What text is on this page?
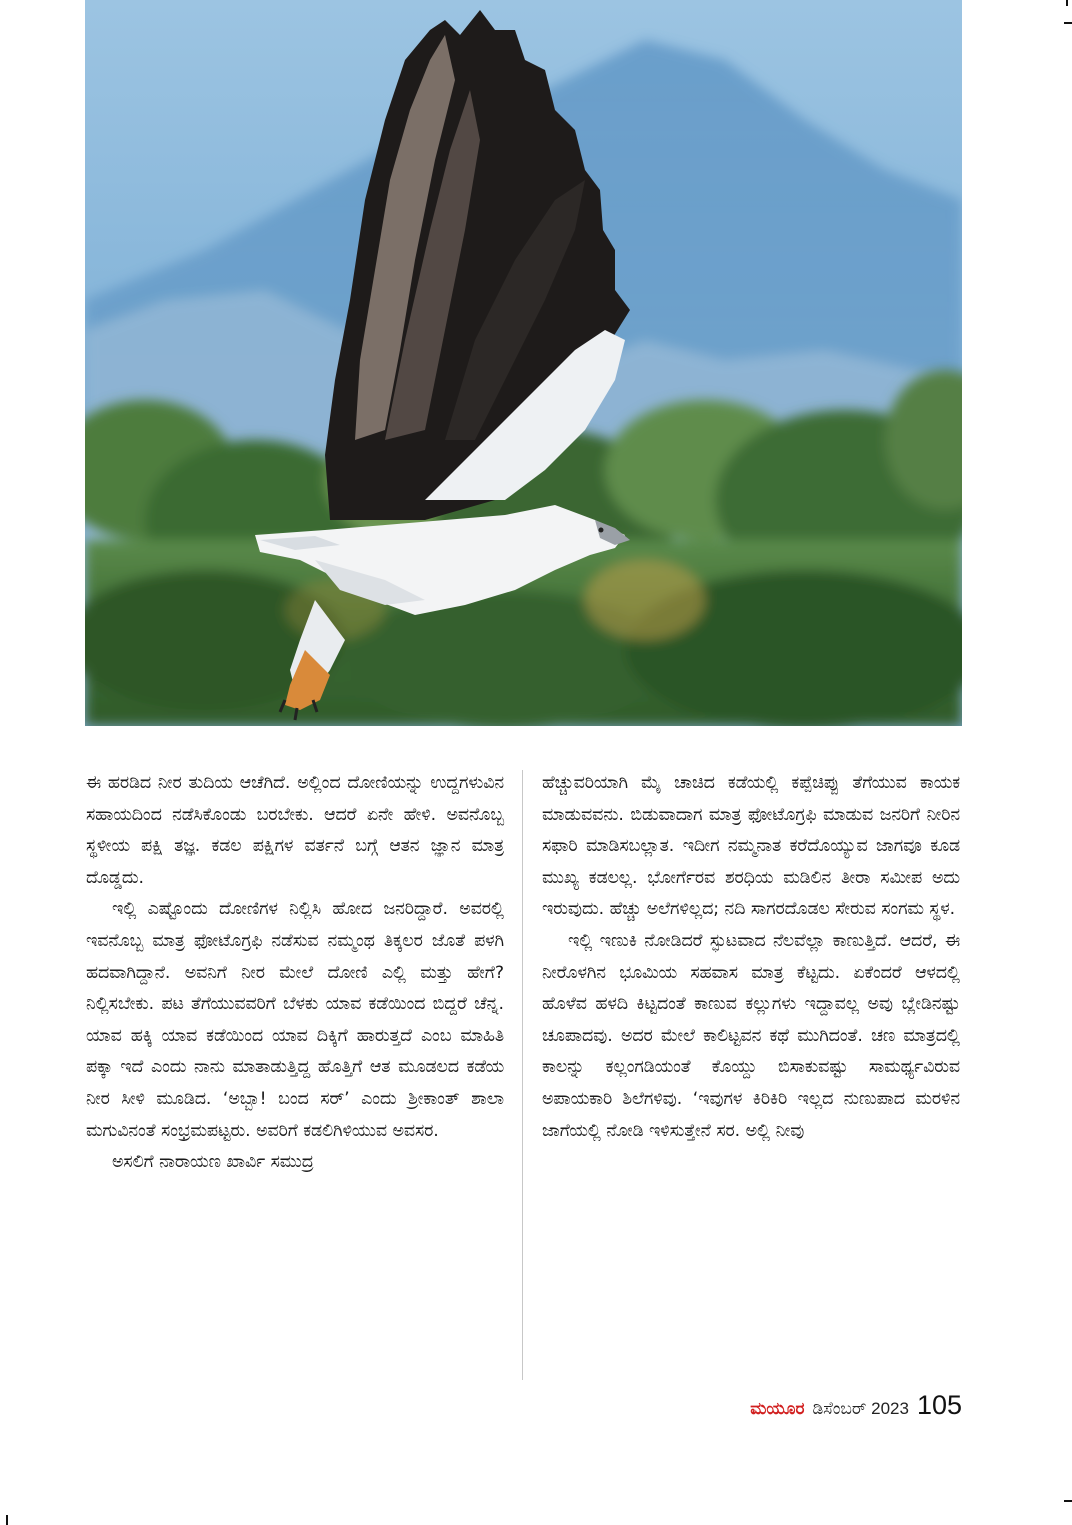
ಈ ಹರಡಿದ ನೀರ ತುದಿಯ ಆಚೆಗಿದೆ. ಅಲ್ಲಿಂದ ದೋಣಿಯನ್ನು ಉದ್ದಗಳುವಿನ ಸಹಾಯದಿಂದ ನಡೆಸಿಕೊಂಡು ಬರಬೇಕು. ಆದರೆ ಏನೇ ಹೇಳಿ. ಅವನೊಬ್ಬ ಸ್ಥಳೀಯ ಪಕ್ಷಿ ತಜ್ಞ. ಕಡಲ ಪಕ್ಷಿಗಳ ವರ್ತನೆ ಬಗ್ಗೆ ಆತನ ಜ್ಞಾನ ಮಾತ್ರ ದೊಡ್ಡದು.

ಇಲ್ಲಿ ಎಷ್ಟೊಂದು ದೋಣಿಗಳ ನಿಲ್ಲಿಸಿ ಹೋದ ಜನರಿದ್ದಾರೆ. ಅವರಲ್ಲಿ ಇವನೊಬ್ಬ ಮಾತ್ರ ಫೋಟೊಗ್ರಫಿ ನಡೆಸುವ ನಮ್ಮಂಥ ತಿಕ್ಕಲರ ಜೊತೆ ಪಳಗಿ ಹದವಾಗಿದ್ದಾನೆ. ಅವನಿಗೆ ನೀರ ಮೇಲೆ ದೋಣಿ ಎಲ್ಲಿ ಮತ್ತು ಹೇಗೆ? ನಿಲ್ಲಿಸಬೇಕು. ಪಟ ತೆಗೆಯುವವರಿಗೆ ಬೆಳಕು ಯಾವ ಕಡೆಯಿಂದ ಬಿದ್ದರೆ ಚೆನ್ನ. ಯಾವ ಹಕ್ಕಿ ಯಾವ ಕಡೆಯಿಂದ ಯಾವ ದಿಕ್ಕಿಗೆ ಹಾರುತ್ತದೆ ಎಂಬ ಮಾಹಿತಿ ಪಕ್ಕಾ ಇದೆ ಎಂದು ನಾನು ಮಾತಾಡುತ್ತಿದ್ದ ಹೊತ್ತಿಗೆ ಆತ ಮೂಡಲದ ಕಡೆಯ ನೀರ ಸೀಳಿ ಮೂಡಿದ. ‘ಅಬ್ಬಾ! ಬಂದ ಸರ್’ ಎಂದು ಶ್ರೀಕಾಂತ್ ಶಾಲಾ ಮಗುವಿನಂತೆ ಸಂಭ್ರಮಪಟ್ಟರು. ಅವರಿಗೆ ಕಡಲಿಗಿಳಿಯುವ ಅವಸರ.

ಅಸಲಿಗೆ ನಾರಾಯಣ ಖಾರ್ವಿ ಸಮುದ್ರ

ಹೆಚ್ಚುವರಿಯಾಗಿ ಮೈ ಚಾಚಿದ ಕಡೆಯಲ್ಲಿ ಕಪ್ಪೆಚಿಪ್ಪು ತೆಗೆಯುವ ಕಾಯಕ ಮಾಡುವವನು. ಬಿಡುವಾದಾಗ ಮಾತ್ರ ಫೋಟೊಗ್ರಫಿ ಮಾಡುವ ಜನರಿಗೆ ನೀರಿನ ಸಫಾರಿ ಮಾಡಿಸಬಲ್ಲಾತ. ಇದೀಗ ನಮ್ಮನಾತ ಕರೆದೊಯ್ಯುವ ಜಾಗವೂ ಕೂಡ ಮುಖ್ಯ ಕಡಲಲ್ಲ. ಭೋರ್ಗೆರವ ಶರಧಿಯ ಮಡಿಲಿನ ತೀರಾ ಸಮೀಪ ಅದು ಇರುವುದು. ಹೆಚ್ಚು ಅಲೆಗಳಿಲ್ಲದ; ನದಿ ಸಾಗರದೊಡಲ ಸೇರುವ ಸಂಗಮ ಸ್ಥಳ.

ಇಲ್ಲಿ ಇಣುಕಿ ನೋಡಿದರೆ ಸ್ಫುಟವಾದ ನೆಲವೆಲ್ಲಾ ಕಾಣುತ್ತಿದೆ. ಆದರೆ, ಈ ನೀರೊಳಗಿನ ಭೂಮಿಯ ಸಹವಾಸ ಮಾತ್ರ ಕೆಟ್ಟದು. ಏಕೆಂದರೆ ಆಳದಲ್ಲಿ ಹೊಳೆವ ಹಳದಿ ಕಿಟ್ಟದಂತೆ ಕಾಣುವ ಕಲ್ಲುಗಳು ಇದ್ದಾವಲ್ಲ ಅವು ಬ್ಲೇಡಿನಷ್ಟು ಚೂಪಾದವು. ಅದರ ಮೇಲೆ ಕಾಲಿಟ್ಟವನ ಕಥೆ ಮುಗಿದಂತೆ. ಚಣ ಮಾತ್ರದಲ್ಲಿ ಕಾಲನ್ನು ಕಲ್ಲಂಗಡಿಯಂತೆ ಕೊಯ್ದು ಬಿಸಾಕುವಷ್ಟು ಸಾಮರ್ಥ್ಯವಿರುವ ಅಪಾಯಕಾರಿ ಶಿಲೆಗಳಿವು. ‘ಇವುಗಳ ಕಿರಿಕಿರಿ ಇಲ್ಲದ ನುಣುಪಾದ ಮರಳಿನ ಜಾಗೆಯಲ್ಲಿ ನೋಡಿ ಇಳಿಸುತ್ತೇನೆ ಸರ. ಅಲ್ಲಿ ನೀವು

ಮಯೂರ ಡಿಸೆಂಬರ್ 2023 105
